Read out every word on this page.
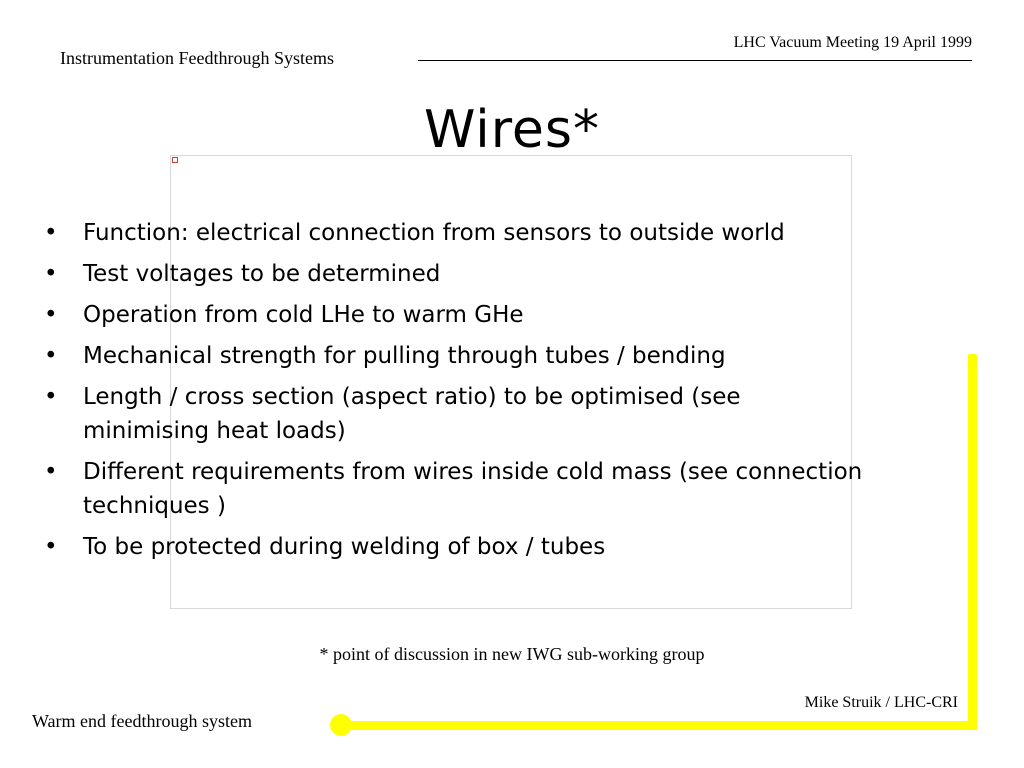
Instrumentation Feedthrough Systems
LHC Vacuum Meeting 19 April 1999
Wires*
• Function: electrical connection from sensors to outside world
• Test voltages to be determined
• Operation from cold LHe to warm GHe
• Mechanical strength for pulling through tubes / bending
• Length / cross section (aspect ratio) to be optimised (see minimising heat loads)
• Different requirements from wires inside cold mass (see connection techniques )
• To be protected during welding of box / tubes
* point of discussion in new IWG sub-working group
Mike Struik / LHC-CRI
Warm end feedthrough system
